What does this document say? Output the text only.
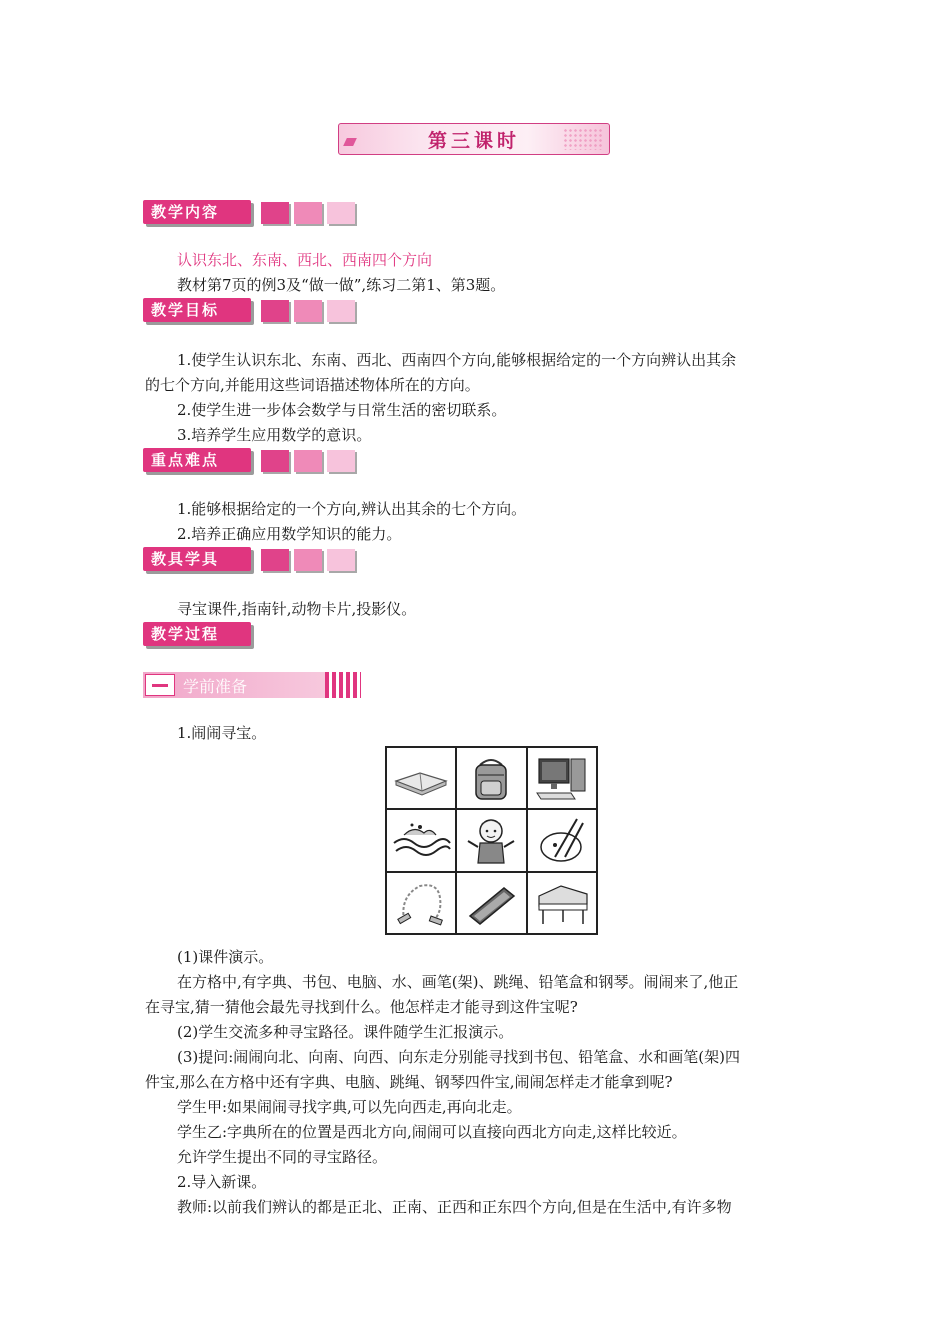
第三课时
教学内容
认识东北、东南、西北、西南四个方向
教材第7页的例3及“做一做”,练习二第1、第3题。
教学目标
1.使学生认识东北、东南、西北、西南四个方向,能够根据给定的一个方向辨认出其余
的七个方向,并能用这些词语描述物体所在的方向。
2.使学生进一步体会数学与日常生活的密切联系。
3.培养学生应用数学的意识。
重点难点
1.能够根据给定的一个方向,辨认出其余的七个方向。
2.培养正确应用数学知识的能力。
教具学具
寻宝课件,指南针,动物卡片,投影仪。
教学过程
学前准备
1.闹闹寻宝。
(1)课件演示。
在方格中,有字典、书包、电脑、水、画笔(架)、跳绳、铅笔盒和钢琴。闹闹来了,他正
在寻宝,猜一猜他会最先寻找到什么。他怎样走才能寻到这件宝呢?
(2)学生交流多种寻宝路径。课件随学生汇报演示。
(3)提问:闹闹向北、向南、向西、向东走分别能寻找到书包、铅笔盒、水和画笔(架)四
件宝,那么在方格中还有字典、电脑、跳绳、钢琴四件宝,闹闹怎样走才能拿到呢?
学生甲:如果闹闹寻找字典,可以先向西走,再向北走。
学生乙:字典所在的位置是西北方向,闹闹可以直接向西北方向走,这样比较近。
允许学生提出不同的寻宝路径。
2.导入新课。
教师:以前我们辨认的都是正北、正南、正西和正东四个方向,但是在生活中,有许多物
